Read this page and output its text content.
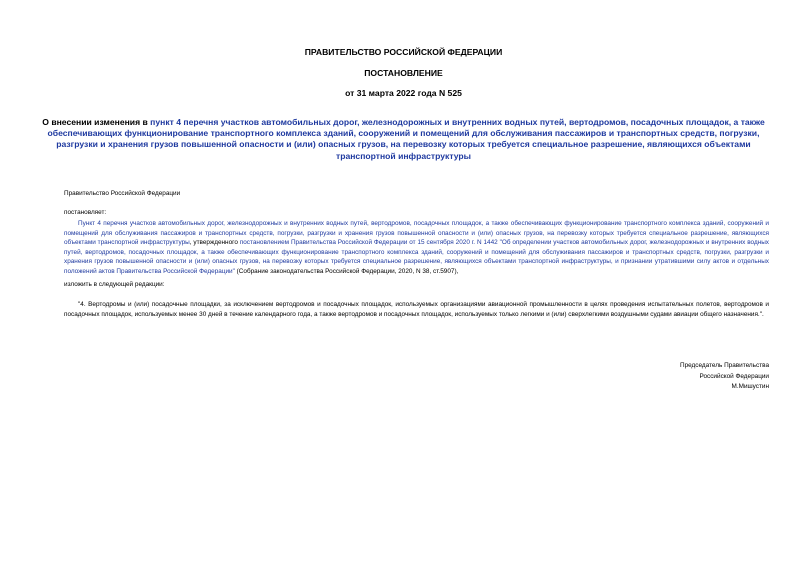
ПРАВИТЕЛЬСТВО РОССИЙСКОЙ ФЕДЕРАЦИИ
ПОСТАНОВЛЕНИЕ
от 31 марта 2022 года N 525
О внесении изменения в пункт 4 перечня участков автомобильных дорог, железнодорожных и внутренних водных путей, вертодромов, посадочных площадок, а также обеспечивающих функционирование транспортного комплекса зданий, сооружений и помещений для обслуживания пассажиров и транспортных средств, погрузки, разгрузки и хранения грузов повышенной опасности и (или) опасных грузов, на перевозку которых требуется специальное разрешение, являющихся объектами транспортной инфраструктуры
Правительство Российской Федерации
постановляет:
Пункт 4 перечня участков автомобильных дорог, железнодорожных и внутренних водных путей, вертодромов, посадочных площадок, а также обеспечивающих функционирование транспортного комплекса зданий, сооружений и помещений для обслуживания пассажиров и транспортных средств, погрузки, разгрузки и хранения грузов повышенной опасности и (или) опасных грузов, на перевозку которых требуется специальное разрешение, являющихся объектами транспортной инфраструктуры, утвержденного постановлением Правительства Российской Федерации от 15 сентября 2020 г. N 1442 "Об определении участков автомобильных дорог, железнодорожных и внутренних водных путей, вертодромов, посадочных площадок, а также обеспечивающих функционирование транспортного комплекса зданий, сооружений и помещений для обслуживания пассажиров и транспортных средств, погрузки, разгрузки и хранения грузов повышенной опасности и (или) опасных грузов, на перевозку которых требуется специальное разрешение, являющихся объектами транспортной инфраструктуры, и признании утратившими силу актов и отдельных положений актов Правительства Российской Федерации" (Собрание законодательства Российской Федерации, 2020, N 38, ст.5907),
изложить в следующей редакции:
"4. Вертодромы и (или) посадочные площадки, за исключением вертодромов и посадочных площадок, используемых организациями авиационной промышленности в целях проведения испытательных полетов, вертодромов и посадочных площадок, используемых менее 30 дней в течение календарного года, а также вертодромов и посадочных площадок, используемых только легкими и (или) сверхлегкими воздушными судами авиации общего назначения.".
Председатель Правительства
Российской Федерации
М.Мишустин
